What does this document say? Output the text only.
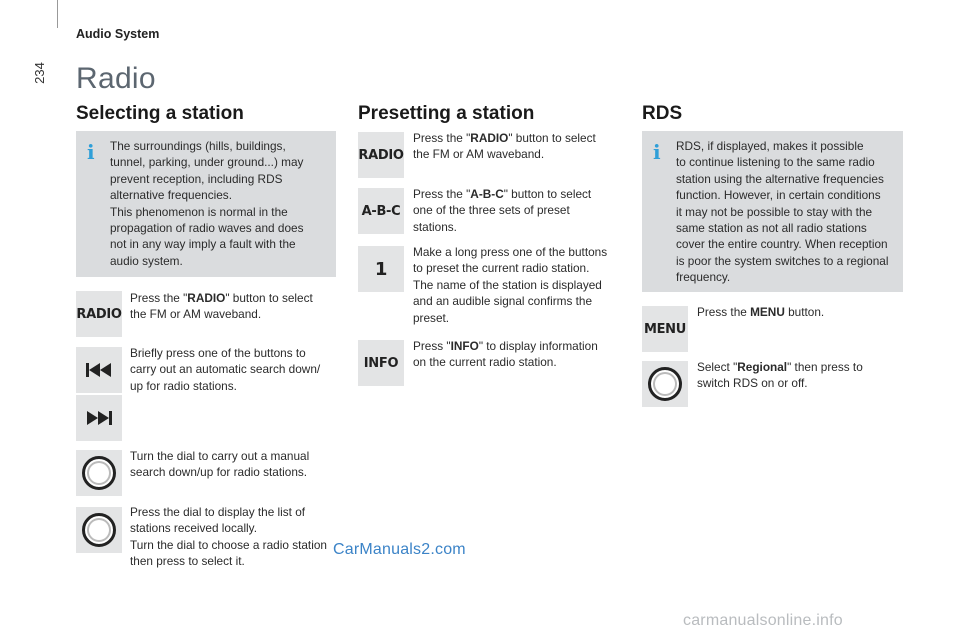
234
Audio System
Radio
Selecting a station
i The surroundings (hills, buildings,
tunnel, parking, under ground...) may
prevent reception, including RDS
alternative frequencies.
This phenomenon is normal in the
propagation of radio waves and does
not in any way imply a fault with the
audio system.
RADIO
Press the "RADIO" button to select
the FM or AM waveband.
Briefly press one of the buttons to
carry out an automatic search down/
up for radio stations.
Turn the dial to carry out a manual
search down/up for radio stations.
Press the dial to display the list of
stations received locally.
Turn the dial to choose a radio station
then press to select it.
Presetting a station
RADIO
Press the "RADIO" button to select
the FM or AM waveband.
A-B-C
Press the "A-B-C" button to select
one of the three sets of preset
stations.
1
Make a long press one of the buttons
to preset the current radio station.
The name of the station is displayed
and an audible signal confirms the
preset.
INFO
Press "INFO" to display information
on the current radio station.
RDS
i RDS, if displayed, makes it possible
to continue listening to the same radio
station using the alternative frequencies
function. However, in certain conditions
it may not be possible to stay with the
same station as not all radio stations
cover the entire country. When reception
is poor the system switches to a regional
frequency.
MENU
Press the MENU button.
Select "Regional" then press to
switch RDS on or off.
CarManuals2.com
carmanualsonline.info
